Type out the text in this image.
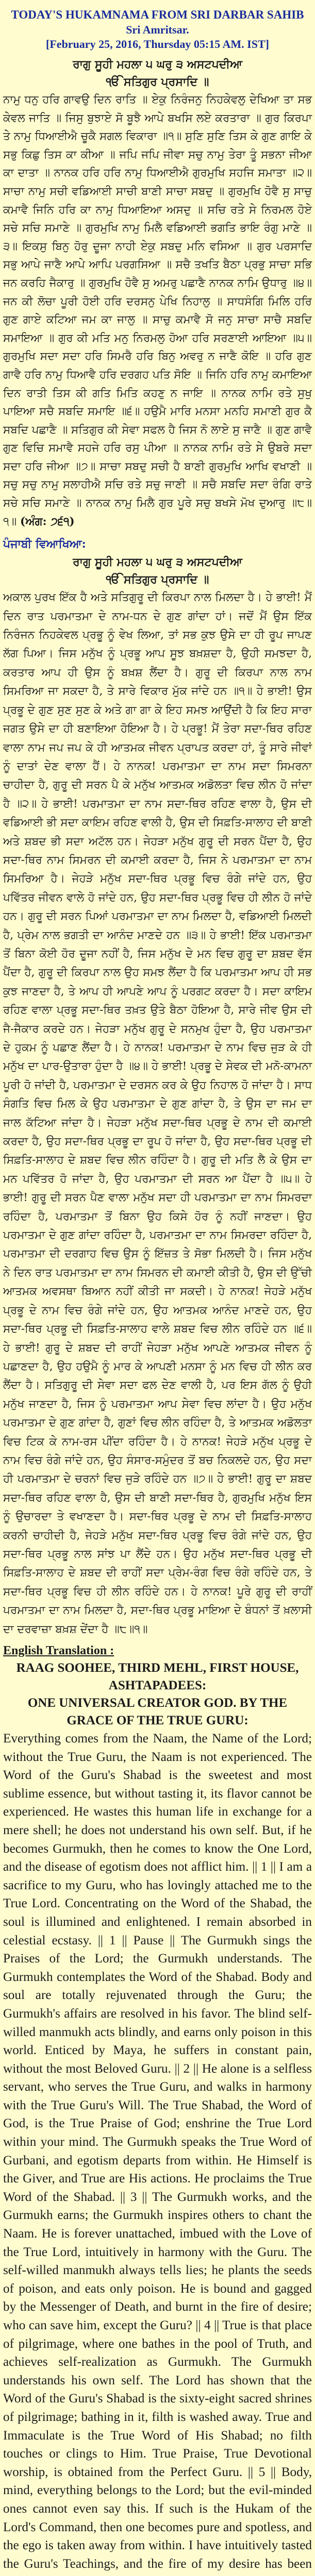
TODAY'S HUKAMNAMA FROM SRI DARBAR SAHIB
Sri Amritsar.
[February 25, 2016, Thursday 05:15 AM. IST]
ਰਾਗੁ ਸੂਹੀ ਮਹਲਾ ੫ ਘਰੁ ੩ ਅਸਟਪਦੀਆ
ੴ ਸਤਿਗੁਰ ਪ੍ਰਸਾਦਿ ॥

ਨਾਮੁ ਧਨੁ ਹਰਿ ਗਾਵਉ ਦਿਨ ਰਾਤਿ ॥ ਏਕੁ ਨਿਰੰਜਨੁ ਨਿਹਕੇਵਲੁ ਦੇਖਿਆ ਤਾ ਸਭ ਕੇਵਲ ਜਾਤਿ ॥ ਜਿਸੁ ਬੁਝਾਏ ਸੋ ਬੂਝੈ ਆਪੇ ਬਖਸਿ ਲਏ ਕਰਤਾਰਾ ॥ ਗੁਰ ਕਿਰਪਾ ਤੇ ਨਾਮੁ ਧਿਆਈਐ ਚੂਕੈ ਸਗਲ ਵਿਕਾਰਾ ॥੧॥ ਸੁਣਿ ਸੁਣਿ ਤਿਸ ਕੇ ਗੁਣ ਗਾਇ ਕੇ ਸਭੁ ਕਿਛੁ ਤਿਸ ਕਾ ਕੀਆ ॥ ਜਪਿ ਜਪਿ ਜੀਵਾ ਸਚੁ ਨਾਮੁ ਤੇਰਾ ਤੂੰ ਸਭਨਾ ਜੀਆ ਕਾ ਦਾਤਾ ॥ ਨਾਨਕ ਹਰਿ ਹਰਿ ਨਾਮੁ ਧਿਆਈਐ ਗੁਰਮੁਖਿ ਸਹਜਿ ਸਮਾਤਾ ॥੨॥ ਸਾਚਾ ਨਾਮੁ ਸਚੀ ਵਡਿਆਈ ਸਾਚੀ ਬਾਣੀ ਸਾਚਾ ਸਬਦੁ ॥ ਗੁਰਮੁਖਿ ਹੋਵੈ ਸੁ ਸਾਚੁ ਕਮਾਵੈ ਜਿਨਿ ਹਰਿ ਕਾ ਨਾਮੁ ਧਿਆਇਆ ਅਸਦੁ ॥ ਸਚਿ ਰਤੇ ਸੇ ਨਿਰਮਲ ਹੋਏ ਸਚੇ ਸਚਿ ਸਮਾਣੇ ॥ ਗੁਰਮੁਖਿ ਨਾਮੁ ਮਿਲੈ ਵਡਿਆਈ ਭਗਤਿ ਭਾਇ ਰੰਗੁ ਮਾਣੇ ॥੩॥ ਇਕਸੁ ਬਿਨੁ ਹੋਰੁ ਦੂਜਾ ਨਾਹੀ ਏਕੁ ਸਬਦੁ ਮਨਿ ਵਸਿਆ ॥ ਗੁਰ ਪਰਸਾਦਿ ਸਭੁ ਆਪੇ ਜਾਣੈ ਆਪੇ ਆਪਿ ਪਰਗਸਿਆ ॥ ਸਚੈ ਤਖਤਿ ਬੈਠਾ ਪ੍ਰਭੁ ਸਾਚਾ ਸਭਿ ਜਨ ਕਰਹਿ ਜੈਕਾਰੁ ॥ ਗੁਰਮੁਖਿ ਹੋਵੈ ਸੁ ਅਮਰੁ ਪਛਾਣੈ ਨਾਨਕ ਨਾਮਿ ਉਧਾਰੁ ॥੪॥ ਜਨ ਕੀ ਲੋਚਾ ਪੂਰੀ ਹੋਈ ਹਰਿ ਦਰਸਨੁ ਪੇਖਿ ਨਿਹਾਲੁ ॥ ਸਾਧਸੰਗਿ ਮਿਲਿ ਹਰਿ ਗੁਣ ਗਾਏ ਕਟਿਆ ਜਮ ਕਾ ਜਾਲੁ ॥ ਸਾਚੁ ਕਮਾਵੈ ਸੋ ਜਨੁ ਸਾਚਾ ਸਾਚੈ ਸਬਦਿ ਸਮਾਇਆ ॥ ਗੁਰ ਕੀ ਮਤਿ ਮਨੁ ਨਿਰਮਲੁ ਹੋਆ ਹਰਿ ਸਰਣਾਈ ਆਇਆ ॥੫॥ ਗੁਰਮੁਖਿ ਸਦਾ ਸਦਾ ਹਰਿ ਸਿਮਰੈ ਹਰਿ ਬਿਨੁ ਅਵਰੁ ਨ ਜਾਣੈ ਕੋਇ ॥ ਹਰਿ ਗੁਣ ਗਾਵੈ ਹਰਿ ਨਾਮੁ ਧਿਆਵੈ ਹਰਿ ਦਰਗਹ ਪਤਿ ਸੋਇ ॥ ਜਿਨਿ ਹਰਿ ਨਾਮੁ ਕਮਾਇਆ ਦਿਨ ਰਾਤੀ ਤਿਸ ਕੀ ਗਤਿ ਮਿਤਿ ਕਹਣੁ ਨ ਜਾਇ ॥ ਨਾਨਕ ਨਾਮਿ ਰਤੇ ਸੁਖੁ ਪਾਇਆ ਸਚੈ ਸਬਦਿ ਸਮਾਇ ॥੬॥ ਹਉਮੈ ਮਾਰਿ ਮਨਸਾ ਮਨਹਿ ਸਮਾਣੀ ਗੁਰ ਕੈ ਸਬਦਿ ਪਛਾਣੈ ॥ ਸਤਿਗੁਰ ਕੀ ਸੇਵਾ ਸਫਲ ਹੈ ਜਿਸ ਨੋ ਲਾਏ ਸੁ ਜਾਣੈ ॥ ਗੁਣ ਗਾਵੈ ਗੁਣ ਵਿਚਿ ਸਮਾਵੈ ਸਹਜੇ ਹਰਿ ਰਸੁ ਪੀਆ ॥ ਨਾਨਕ ਨਾਮਿ ਰਤੇ ਸੇ ਉਬਰੇ ਸਦਾ ਸਦਾ ਹਰਿ ਜੀਆ ॥੭॥ ਸਾਚਾ ਸਬਦੁ ਸਚੀ ਹੈ ਬਾਣੀ ਗੁਰਮੁਖਿ ਆਖਿ ਵਖਾਣੀ ॥ ਸਚੁ ਸਚੁ ਨਾਮੁ ਸਲਾਹੀਐ ਸਚਿ ਰਤੇ ਸਚੁ ਜਾਣੀ ॥ ਸਚੈ ਸਬਦਿ ਸਦਾ ਰੰਗਿ ਰਾਤੇ ਸਚੇ ਸਚਿ ਸਮਾਣੇ ॥ ਨਾਨਕ ਨਾਮੁ ਮਿਲੈ ਗੁਰ ਪੂਰੇ ਸਚੁ ਬਖਸੇ ਮੋਖ ਦੁਆਰੁ ॥੮॥੧॥ (ਅੰਗ: ੭੬੧)

ਪੰਜਾਬੀ ਵਿਆਖਿਆ:
ਰਾਗੁ ਸੂਹੀ ਮਹਲਾ ੫ ਘਰੁ ੩ ਅਸਟਪਦੀਆ
ੴ ਸਤਿਗੁਰ ਪ੍ਰਸਾਦਿ ॥

ਅਕਾਲ ਪੁਰਖ ਇੱਕ ਹੈ ਅਤੇ ਸਤਿਗੁਰੂ ਦੀ ਕਿਰਪਾ ਨਾਲ ਮਿਲਦਾ ਹੈ। ਹੇ ਭਾਈ! ਮੈਂ ਦਿਨ ਰਾਤ ਪਰਮਾਤਮਾ ਦੇ ਨਾਮ-ਧਨ ਦੇ ਗੁਣ ਗਾਂਦਾ ਹਾਂ। ਜਦੋਂ ਮੈਂ ਉਸ ਇੱਕ ਨਿਰੰਜਨ ਨਿਹਕੇਵਲ ਪ੍ਰਭੂ ਨੂੰ ਵੇਖ ਲਿਆ, ਤਾਂ ਸਭ ਕੁਝ ਉਸੇ ਦਾ ਹੀ ਰੂਪ ਜਾਪਣ ਲੱਗ ਪਿਆ। ਜਿਸ ਮਨੁੱਖ ਨੂੰ ਪ੍ਰਭੂ ਆਪ ਸੂਝ ਬਖ਼ਸ਼ਦਾ ਹੈ, ਉਹੀ ਸਮਝਦਾ ਹੈ, ਕਰਤਾਰ ਆਪ ਹੀ ਉਸ ਨੂੰ ਬਖ਼ਸ਼ ਲੈਂਦਾ ਹੈ। ਗੁਰੂ ਦੀ ਕਿਰਪਾ ਨਾਲ ਨਾਮ ਸਿਮਰਿਆ ਜਾ ਸਕਦਾ ਹੈ, ਤੇ ਸਾਰੇ ਵਿਕਾਰ ਮੁੱਕ ਜਾਂਦੇ ਹਨ ॥੧॥ ਹੇ ਭਾਈ! ਉਸ ਪ੍ਰਭੂ ਦੇ ਗੁਣ ਸੁਣ ਸੁਣ ਕੇ ਅਤੇ ਗਾ ਗਾ ਕੇ ਇਹ ਸਮਝ ਆਉਂਦੀ ਹੈ ਕਿ ਇਹ ਸਾਰਾ ਜਗਤ ਉਸੇ ਦਾ ਹੀ ਬਣਾਇਆ ਹੋਇਆ ਹੈ। ਹੇ ਪ੍ਰਭੂ! ਮੈਂ ਤੇਰਾ ਸਦਾ-ਥਿਰ ਰਹਿਣ ਵਾਲਾ ਨਾਮ ਜਪ ਜਪ ਕੇ ਹੀ ਆਤਮਕ ਜੀਵਨ ਪ੍ਰਾਪਤ ਕਰਦਾ ਹਾਂ, ਤੂੰ ਸਾਰੇ ਜੀਵਾਂ ਨੂੰ ਦਾਤਾਂ ਦੇਣ ਵਾਲਾ ਹੈਂ। ਹੇ ਨਾਨਕ! ਪਰਮਾਤਮਾ ਦਾ ਨਾਮ ਸਦਾ ਸਿਮਰਨਾ ਚਾਹੀਦਾ ਹੈ, ਗੁਰੂ ਦੀ ਸਰਨ ਪੈ ਕੇ ਮਨੁੱਖ ਆਤਮਕ ਅਡੋਲਤਾ ਵਿਚ ਲੀਨ ਹੋ ਜਾਂਦਾ ਹੈ ॥੨॥ ਹੇ ਭਾਈ! ਪਰਮਾਤਮਾ ਦਾ ਨਾਮ ਸਦਾ-ਥਿਰ ਰਹਿਣ ਵਾਲਾ ਹੈ, ਉਸ ਦੀ ਵਡਿਆਈ ਭੀ ਸਦਾ ਕਾਇਮ ਰਹਿਣ ਵਾਲੀ ਹੈ, ਉਸ ਦੀ ਸਿਫ਼ਤਿ-ਸਾਲਾਹ ਦੀ ਬਾਣੀ ਅਤੇ ਸ਼ਬਦ ਭੀ ਸਦਾ ਅਟੱਲ ਹਨ। ਜੇਹੜਾ ਮਨੁੱਖ ਗੁਰੂ ਦੀ ਸਰਨ ਪੈਂਦਾ ਹੈ, ਉਹ ਸਦਾ-ਥਿਰ ਨਾਮ ਸਿਮਰਨ ਦੀ ਕਮਾਈ ਕਰਦਾ ਹੈ, ਜਿਸ ਨੇ ਪਰਮਾਤਮਾ ਦਾ ਨਾਮ ਸਿਮਰਿਆ ਹੈ। ਜੇਹੜੇ ਮਨੁੱਖ ਸਦਾ-ਥਿਰ ਪ੍ਰਭੂ ਵਿਚ ਰੰਗੇ ਜਾਂਦੇ ਹਨ, ਉਹ ਪਵਿੱਤਰ ਜੀਵਨ ਵਾਲੇ ਹੋ ਜਾਂਦੇ ਹਨ, ਉਹ ਸਦਾ-ਥਿਰ ਪ੍ਰਭੂ ਵਿਚ ਹੀ ਲੀਨ ਹੋ ਜਾਂਦੇ ਹਨ। ਗੁਰੂ ਦੀ ਸਰਨ ਪਿਆਂ ਪਰਮਾਤਮਾ ਦਾ ਨਾਮ ਮਿਲਦਾ ਹੈ, ਵਡਿਆਈ ਮਿਲਦੀ ਹੈ, ਪ੍ਰੇਮ ਨਾਲ ਭਗਤੀ ਦਾ ਆਨੰਦ ਮਾਣਦੇ ਹਨ ॥੩॥ ਹੇ ਭਾਈ! ਇੱਕ ਪਰਮਾਤਮਾ ਤੋਂ ਬਿਨਾ ਕੋਈ ਹੋਰ ਦੂਜਾ ਨਹੀਂ ਹੈ, ਜਿਸ ਮਨੁੱਖ ਦੇ ਮਨ ਵਿਚ ਗੁਰੂ ਦਾ ਸ਼ਬਦ ਵੱਸ ਪੈਂਦਾ ਹੈ, ਗੁਰੂ ਦੀ ਕਿਰਪਾ ਨਾਲ ਉਹ ਸਮਝ ਲੈਂਦਾ ਹੈ ਕਿ ਪਰਮਾਤਮਾ ਆਪ ਹੀ ਸਭ ਕੁਝ ਜਾਣਦਾ ਹੈ, ਤੇ ਆਪ ਹੀ ਆਪਣੇ ਆਪ ਨੂੰ ਪਰਗਟ ਕਰਦਾ ਹੈ। ਸਦਾ ਕਾਇਮ ਰਹਿਣ ਵਾਲਾ ਪ੍ਰਭੂ ਸਦਾ-ਥਿਰ ਤਖ਼ਤ ਉਤੇ ਬੈਠਾ ਹੋਇਆ ਹੈ, ਸਾਰੇ ਜੀਵ ਉਸ ਦੀ ਜੈ-ਜੈਕਾਰ ਕਰਦੇ ਹਨ। ਜੇਹੜਾ ਮਨੁੱਖ ਗੁਰੂ ਦੇ ਸਨਮੁਖ ਹੁੰਦਾ ਹੈ, ਉਹ ਪਰਮਾਤਮਾ ਦੇ ਹੁਕਮ ਨੂੰ ਪਛਾਣ ਲੈਂਦਾ ਹੈ। ਹੇ ਨਾਨਕ! ਪਰਮਾਤਮਾ ਦੇ ਨਾਮ ਵਿਚ ਜੁੜ ਕੇ ਹੀ ਮਨੁੱਖ ਦਾ ਪਾਰ-ਉਤਾਰਾ ਹੁੰਦਾ ਹੈ ॥੪॥ ਹੇ ਭਾਈ! ਪ੍ਰਭੂ ਦੇ ਸੇਵਕ ਦੀ ਮਨੋ-ਕਾਮਨਾ ਪੂਰੀ ਹੋ ਜਾਂਦੀ ਹੈ, ਪਰਮਾਤਮਾ ਦੇ ਦਰਸਨ ਕਰ ਕੇ ਉਹ ਨਿਹਾਲ ਹੋ ਜਾਂਦਾ ਹੈ। ਸਾਧ ਸੰਗਤਿ ਵਿਚ ਮਿਲ ਕੇ ਉਹ ਪਰਮਾਤਮਾ ਦੇ ਗੁਣ ਗਾਂਦਾ ਹੈ, ਤੇ ਉਸ ਦਾ ਜਮ ਦਾ ਜਾਲ ਕੱਟਿਆ ਜਾਂਦਾ ਹੈ। ਜੇਹੜਾ ਮਨੁੱਖ ਸਦਾ-ਥਿਰ ਪ੍ਰਭੂ ਦੇ ਨਾਮ ਦੀ ਕਮਾਈ ਕਰਦਾ ਹੈ, ਉਹ ਸਦਾ-ਥਿਰ ਪ੍ਰਭੂ ਦਾ ਰੂਪ ਹੋ ਜਾਂਦਾ ਹੈ, ਉਹ ਸਦਾ-ਥਿਰ ਪ੍ਰਭੂ ਦੀ ਸਿਫ਼ਤਿ-ਸਾਲਾਹ ਦੇ ਸ਼ਬਦ ਵਿਚ ਲੀਨ ਰਹਿੰਦਾ ਹੈ। ਗੁਰੂ ਦੀ ਮਤਿ ਲੈ ਕੇ ਉਸ ਦਾ ਮਨ ਪਵਿੱਤਰ ਹੋ ਜਾਂਦਾ ਹੈ, ਉਹ ਪਰਮਾਤਮਾ ਦੀ ਸਰਨ ਆ ਪੈਂਦਾ ਹੈ ॥੫॥ ਹੇ ਭਾਈ! ਗੁਰੂ ਦੀ ਸਰਨ ਪੈਣ ਵਾਲਾ ਮਨੁੱਖ ਸਦਾ ਹੀ ਪਰਮਾਤਮਾ ਦਾ ਨਾਮ ਸਿਮਰਦਾ ਰਹਿੰਦਾ ਹੈ, ਪਰਮਾਤਮਾ ਤੋਂ ਬਿਨਾ ਉਹ ਕਿਸੇ ਹੋਰ ਨੂੰ ਨਹੀਂ ਜਾਣਦਾ। ਉਹ ਪਰਮਾਤਮਾ ਦੇ ਗੁਣ ਗਾਂਦਾ ਰਹਿੰਦਾ ਹੈ, ਪਰਮਾਤਮਾ ਦਾ ਨਾਮ ਸਿਮਰਦਾ ਰਹਿੰਦਾ ਹੈ, ਪਰਮਾਤਮਾ ਦੀ ਦਰਗਾਹ ਵਿਚ ਉਸ ਨੂੰ ਇੱਜ਼ਤ ਤੇ ਸੋਭਾ ਮਿਲਦੀ ਹੈ। ਜਿਸ ਮਨੁੱਖ ਨੇ ਦਿਨ ਰਾਤ ਪਰਮਾਤਮਾ ਦਾ ਨਾਮ ਸਿਮਰਨ ਦੀ ਕਮਾਈ ਕੀਤੀ ਹੈ, ਉਸ ਦੀ ਉੱਚੀ ਆਤਮਕ ਅਵਸਥਾ ਬਿਆਨ ਨਹੀਂ ਕੀਤੀ ਜਾ ਸਕਦੀ। ਹੇ ਨਾਨਕ! ਜੇਹੜੇ ਮਨੁੱਖ ਪ੍ਰਭੂ ਦੇ ਨਾਮ ਵਿਚ ਰੰਗੇ ਜਾਂਦੇ ਹਨ, ਉਹ ਆਤਮਕ ਆਨੰਦ ਮਾਣਦੇ ਹਨ, ਉਹ ਸਦਾ-ਥਿਰ ਪ੍ਰਭੂ ਦੀ ਸਿਫ਼ਤਿ-ਸਾਲਾਹ ਵਾਲੇ ਸ਼ਬਦ ਵਿਚ ਲੀਨ ਰਹਿੰਦੇ ਹਨ ॥੬॥ ਹੇ ਭਾਈ! ਗੁਰੂ ਦੇ ਸ਼ਬਦ ਦੀ ਰਾਹੀਂ ਜੇਹੜਾ ਮਨੁੱਖ ਆਪਣੇ ਆਤਮਕ ਜੀਵਨ ਨੂੰ ਪਛਾਣਦਾ ਹੈ, ਉਹ ਹਉਮੈ ਨੂੰ ਮਾਰ ਕੇ ਆਪਣੀ ਮਨਸਾ ਨੂੰ ਮਨ ਵਿਚ ਹੀ ਲੀਨ ਕਰ ਲੈਂਦਾ ਹੈ। ਸਤਿਗੁਰੂ ਦੀ ਸੇਵਾ ਸਦਾ ਫਲ ਦੇਣ ਵਾਲੀ ਹੈ, ਪਰ ਇਸ ਗੱਲ ਨੂੰ ਉਹੀ ਮਨੁੱਖ ਜਾਣਦਾ ਹੈ, ਜਿਸ ਨੂੰ ਪਰਮਾਤਮਾ ਆਪ ਸੇਵਾ ਵਿਚ ਲਾਂਦਾ ਹੈ। ਉਹ ਮਨੁੱਖ ਪਰਮਾਤਮਾ ਦੇ ਗੁਣ ਗਾਂਦਾ ਹੈ, ਗੁਣਾਂ ਵਿਚ ਲੀਨ ਰਹਿੰਦਾ ਹੈ, ਤੇ ਆਤਮਕ ਅਡੋਲਤਾ ਵਿਚ ਟਿਕ ਕੇ ਨਾਮ-ਰਸ ਪੀਂਦਾ ਰਹਿੰਦਾ ਹੈ। ਹੇ ਨਾਨਕ! ਜੇਹੜੇ ਮਨੁੱਖ ਪ੍ਰਭੂ ਦੇ ਨਾਮ ਵਿਚ ਰੰਗੇ ਜਾਂਦੇ ਹਨ, ਉਹ ਸੰਸਾਰ-ਸਮੁੰਦਰ ਤੋਂ ਬਚ ਨਿਕਲਦੇ ਹਨ, ਉਹ ਸਦਾ ਹੀ ਪਰਮਾਤਮਾ ਦੇ ਚਰਨਾਂ ਵਿਚ ਜੁੜੇ ਰਹਿੰਦੇ ਹਨ ॥੭॥ ਹੇ ਭਾਈ! ਗੁਰੂ ਦਾ ਸ਼ਬਦ ਸਦਾ-ਥਿਰ ਰਹਿਣ ਵਾਲਾ ਹੈ, ਉਸ ਦੀ ਬਾਣੀ ਸਦਾ-ਥਿਰ ਹੈ, ਗੁਰਮੁਖਿ ਮਨੁੱਖ ਇਸ ਨੂੰ ਉਚਾਰਦਾ ਤੇ ਵਖਾਣਦਾ ਹੈ। ਸਦਾ-ਥਿਰ ਪ੍ਰਭੂ ਦੇ ਨਾਮ ਦੀ ਸਿਫ਼ਤਿ-ਸਾਲਾਹ ਕਰਨੀ ਚਾਹੀਦੀ ਹੈ, ਜੇਹੜੇ ਮਨੁੱਖ ਸਦਾ-ਥਿਰ ਪ੍ਰਭੂ ਵਿਚ ਰੰਗੇ ਜਾਂਦੇ ਹਨ, ਉਹ ਸਦਾ-ਥਿਰ ਪ੍ਰਭੂ ਨਾਲ ਸਾਂਝ ਪਾ ਲੈਂਦੇ ਹਨ। ਉਹ ਮਨੁੱਖ ਸਦਾ-ਥਿਰ ਪ੍ਰਭੂ ਦੀ ਸਿਫ਼ਤਿ-ਸਾਲਾਹ ਦੇ ਸ਼ਬਦ ਦੀ ਰਾਹੀਂ ਸਦਾ ਪ੍ਰੇਮ-ਰੰਗ ਵਿਚ ਰੰਗੇ ਰਹਿੰਦੇ ਹਨ, ਤੇ ਸਦਾ-ਥਿਰ ਪ੍ਰਭੂ ਵਿਚ ਹੀ ਲੀਨ ਰਹਿੰਦੇ ਹਨ। ਹੇ ਨਾਨਕ! ਪੂਰੇ ਗੁਰੂ ਦੀ ਰਾਹੀਂ ਪਰਮਾਤਮਾ ਦਾ ਨਾਮ ਮਿਲਦਾ ਹੈ, ਸਦਾ-ਥਿਰ ਪ੍ਰਭੂ ਮਾਇਆ ਦੇ ਬੰਧਨਾਂ ਤੋਂ ਖ਼ਲਾਸੀ ਦਾ ਦਰਵਾਜ਼ਾ ਬਖ਼ਸ਼ ਦੇਂਦਾ ਹੈ ॥੮॥੧॥

English Translation :
RAAG SOOHEE, THIRD MEHL, FIRST HOUSE, ASHTAPADEES:
ONE UNIVERSAL CREATOR GOD. BY THE GRACE OF THE TRUE GURU:

Everything comes from the Naam, the Name of the Lord; without the True Guru, the Naam is not experienced. The Word of the Guru's Shabad is the sweetest and most sublime essence, but without tasting it, its flavor cannot be experienced. He wastes this human life in exchange for a mere shell; he does not understand his own self. But, if he becomes Gurmukh, then he comes to know the One Lord, and the disease of egotism does not afflict him. || 1 || I am a sacrifice to my Guru, who has lovingly attached me to the True Lord. Concentrating on the Word of the Shabad, the soul is illumined and enlightened. I remain absorbed in celestial ecstasy. || 1 || Pause || The Gurmukh sings the Praises of the Lord; the Gurmukh understands. The Gurmukh contemplates the Word of the Shabad. Body and soul are totally rejuvenated through the Guru; the Gurmukh's affairs are resolved in his favor. The blind self-willed manmukh acts blindly, and earns only poison in this world. Enticed by Maya, he suffers in constant pain, without the most Beloved Guru. || 2 || He alone is a selfless servant, who serves the True Guru, and walks in harmony with the True Guru's Will. The True Shabad, the Word of God, is the True Praise of God; enshrine the True Lord within your mind. The Gurmukh speaks the True Word of Gurbani, and egotism departs from within. He Himself is the Giver, and True are His actions. He proclaims the True Word of the Shabad. || 3 || The Gurmukh works, and the Gurmukh earns; the Gurmukh inspires others to chant the Naam. He is forever unattached, imbued with the Love of the True Lord, intuitively in harmony with the Guru. The self-willed manmukh always tells lies; he plants the seeds of poison, and eats only poison. He is bound and gagged by the Messenger of Death, and burnt in the fire of desire; who can save him, except the Guru? || 4 || True is that place of pilgrimage, where one bathes in the pool of Truth, and achieves self-realization as Gurmukh. The Gurmukh understands his own self. The Lord has shown that the Word of the Guru's Shabad is the sixty-eight sacred shrines of pilgrimage; bathing in it, filth is washed away. True and Immaculate is the True Word of His Shabad; no filth touches or clings to Him. True Praise, True Devotional worship, is obtained from the Perfect Guru. || 5 || Body, mind, everything belongs to the Lord; but the evil-minded ones cannot even say this. If such is the Hukam of the Lord's Command, then one becomes pure and spotless, and the ego is taken away from within. I have intuitively tasted the Guru's Teachings, and the fire of my desire has been
